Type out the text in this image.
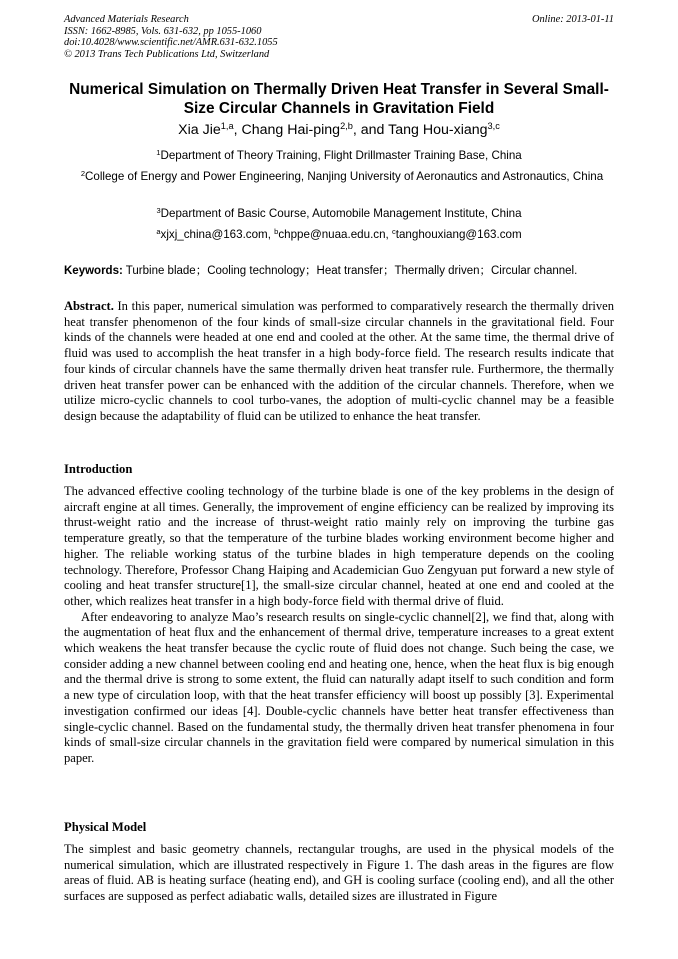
Advanced Materials Research
ISSN: 1662-8985, Vols. 631-632, pp 1055-1060
doi:10.4028/www.scientific.net/AMR.631-632.1055
© 2013 Trans Tech Publications Ltd, Switzerland
Online: 2013-01-11
Numerical Simulation on Thermally Driven Heat Transfer in Several Small-Size Circular Channels in Gravitation Field
Xia Jie$^{1,a}$, Chang Hai-ping$^{2,b}$, and Tang Hou-xiang$^{3,c}$
$^1$Department of Theory Training, Flight Drillmaster Training Base, China
$^2$College of Energy and Power Engineering, Nanjing University of Aeronautics and Astronautics, China
$^3$Department of Basic Course, Automobile Management Institute, China
$^a$xjxj_china@163.com, $^b$chppe@nuaa.edu.cn, $^c$tanghouxiang@163.com
Keywords: Turbine blade；Cooling technology；Heat transfer；Thermally driven；Circular channel.
Abstract. In this paper, numerical simulation was performed to comparatively research the thermally driven heat transfer phenomenon of the four kinds of small-size circular channels in the gravitational field. Four kinds of the channels were headed at one end and cooled at the other. At the same time, the thermal drive of fluid was used to accomplish the heat transfer in a high body-force field. The research results indicate that four kinds of circular channels have the same thermally driven heat transfer rule. Furthermore, the thermally driven heat transfer power can be enhanced with the addition of the circular channels. Therefore, when we utilize micro-cyclic channels to cool turbo-vanes, the adoption of multi-cyclic channel may be a feasible design because the adaptability of fluid can be utilized to enhance the heat transfer.
Introduction
The advanced effective cooling technology of the turbine blade is one of the key problems in the design of aircraft engine at all times. Generally, the improvement of engine efficiency can be realized by improving its thrust-weight ratio and the increase of thrust-weight ratio mainly rely on improving the turbine gas temperature greatly, so that the temperature of the turbine blades working environment become higher and higher. The reliable working status of the turbine blades in high temperature depends on the cooling technology. Therefore, Professor Chang Haiping and Academician Guo Zengyuan put forward a new style of cooling and heat transfer structure[1], the small-size circular channel, heated at one end and cooled at the other, which realizes heat transfer in a high body-force field with thermal drive of fluid.
After endeavoring to analyze Mao’s research results on single-cyclic channel[2], we find that, along with the augmentation of heat flux and the enhancement of thermal drive, temperature increases to a great extent which weakens the heat transfer because the cyclic route of fluid does not change. Such being the case, we consider adding a new channel between cooling end and heating one, hence, when the heat flux is big enough and the thermal drive is strong to some extent, the fluid can naturally adapt itself to such condition and form a new type of circulation loop, with that the heat transfer efficiency will boost up possibly [3]. Experimental investigation confirmed our ideas [4]. Double-cyclic channels have better heat transfer effectiveness than single-cyclic channel. Based on the fundamental study, the thermally driven heat transfer phenomena in four kinds of small-size circular channels in the gravitation field were compared by numerical simulation in this paper.
Physical Model
The simplest and basic geometry channels, rectangular troughs, are used in the physical models of the numerical simulation, which are illustrated respectively in Figure 1. The dash areas in the figures are flow areas of fluid. AB is heating surface (heating end), and GH is cooling surface (cooling end), and all the other surfaces are supposed as perfect adiabatic walls, detailed sizes are illustrated in Figure
